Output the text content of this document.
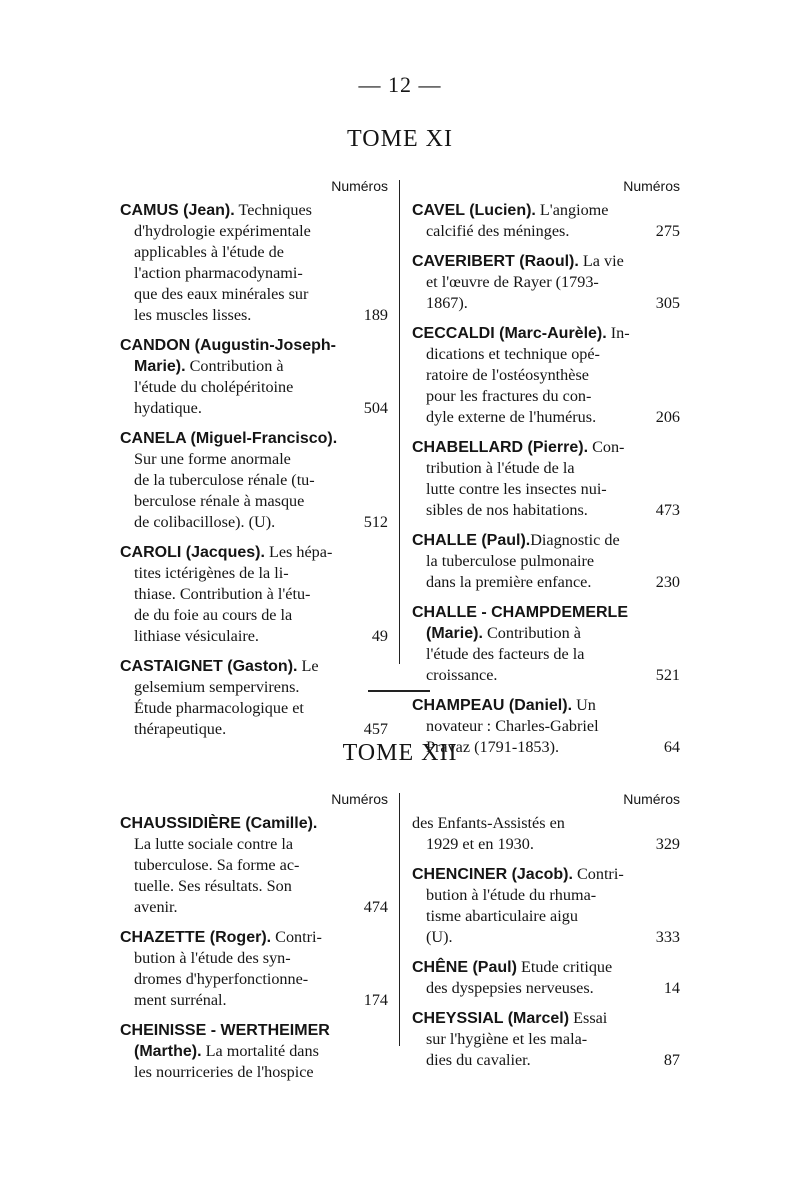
— 12 —
TOME XI
Numéros
CAMUS (Jean). Techniques
d'hydrologie expérimentale
applicables à l'étude de
l'action pharmacodynami-
que des eaux minérales sur
les muscles lisses.	189
CANDON (Augustin-Joseph-
Marie). Contribution à
l'étude du cholépéritoine
hydatique.	504
CANELA (Miguel-Francisco).
Sur une forme anormale
de la tuberculose rénale (tu-
berculose rénale à masque
de colibacillose). (U).	512
CAROLI (Jacques). Les hépa-
tites ictérigènes de la li-
thiase. Contribution à l'étu-
de du foie au cours de la
lithiase vésiculaire.	49
CASTAIGNET (Gaston). Le
gelsemium sempervirens.
Étude pharmacologique et
thérapeutique.	457
Numéros
CAVEL (Lucien). L'angiome
calcifié des méninges.	275
CAVERIBERT (Raoul). La vie
et l'œuvre de Rayer (1793-
1867).	305
CECCALDI (Marc-Aurèle). In-
dications et technique opé-
ratoire de l'ostéosynthèse
pour les fractures du con-
dyle externe de l'humérus.	206
CHABELLARD (Pierre). Con-
tribution à l'étude de la
lutte contre les insectes nui-
sibles de nos habitations.	473
CHALLE (Paul).Diagnostic de
la tuberculose pulmonaire
dans la première enfance.	230
CHALLE - CHAMPDEMERLE
(Marie). Contribution à
l'étude des facteurs de la
croissance.	521
CHAMPEAU (Daniel). Un
novateur : Charles-Gabriel
Pravaz (1791-1853).	64
TOME XII
Numéros
CHAUSSIDIÈRE (Camille).
La lutte sociale contre la
tuberculose. Sa forme ac-
tuelle. Ses résultats. Son
avenir.	474
CHAZETTE (Roger). Contri-
bution à l'étude des syn-
dromes d'hyperfonctionne-
ment surrénal.	174
CHEINISSE - WERTHEIMER
(Marthe). La mortalité dans
les nourriceries de l'hospice
Numéros
des Enfants-Assistés en
1929 et en 1930.	329
CHENCINER (Jacob). Contri-
bution à l'étude du rhuma-
tisme abarticulaire aigu
(U).	333
CHÊNE (Paul) Etude critique
des dyspepsies nerveuses.	14
CHEYSSIAL (Marcel) Essai
sur l'hygiène et les mala-
dies du cavalier.	87
